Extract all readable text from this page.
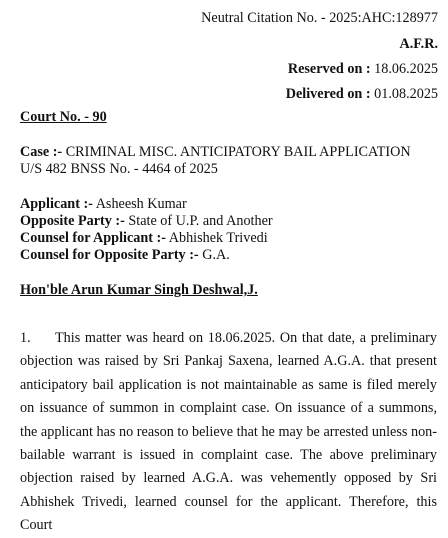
Neutral Citation No. - 2025:AHC:128977
A.F.R.
Reserved on : 18.06.2025
Delivered on : 01.08.2025
Court No. - 90
Case :- CRIMINAL MISC. ANTICIPATORY BAIL APPLICATION
U/S 482 BNSS No. - 4464 of 2025
Applicant :- Asheesh Kumar
Opposite Party :- State of U.P. and Another
Counsel for Applicant :- Abhishek Trivedi
Counsel for Opposite Party :- G.A.
Hon'ble Arun Kumar Singh Deshwal,J.
1. This matter was heard on 18.06.2025. On that date, a preliminary objection was raised by Sri Pankaj Saxena, learned A.G.A. that present anticipatory bail application is not maintainable as same is filed merely on issuance of summon in complaint case. On issuance of a summons, the applicant has no reason to believe that he may be arrested unless non-bailable warrant is issued in complaint case. The above preliminary objection raised by learned A.G.A. was vehemently opposed by Sri Abhishek Trivedi, learned counsel for the applicant. Therefore, this Court
